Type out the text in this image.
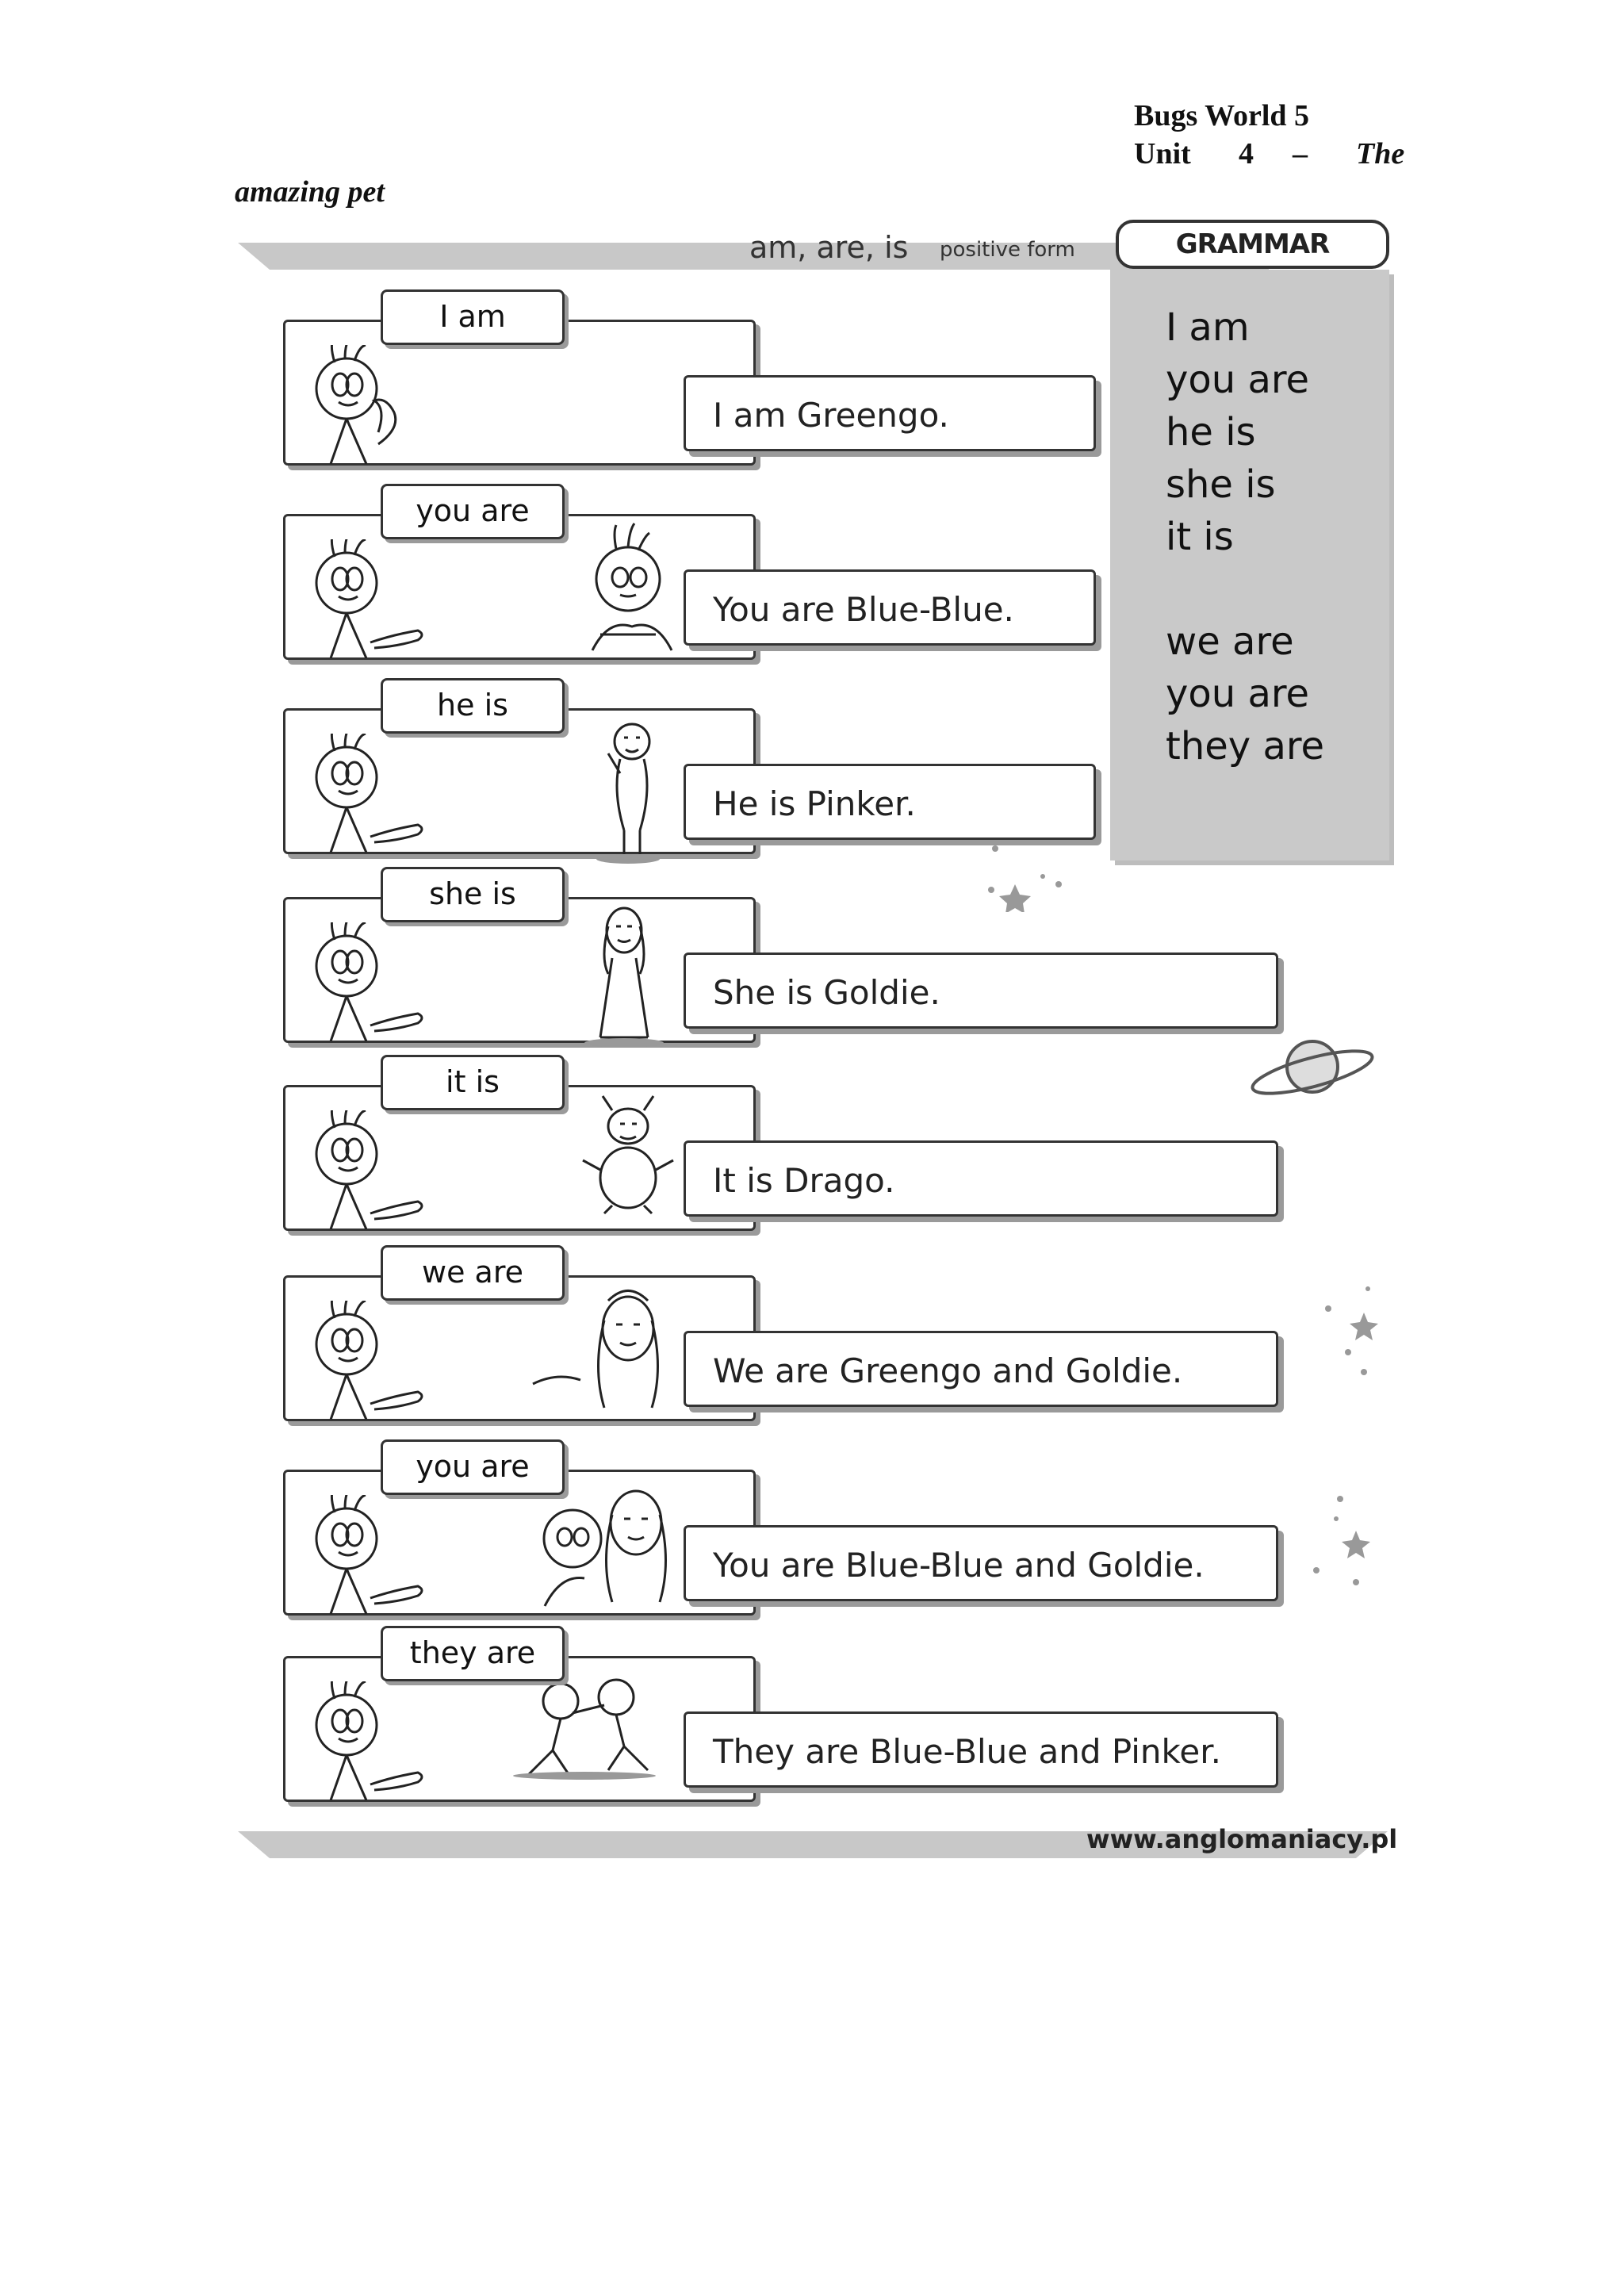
Bugs World 5
Unit 4 – The
amazing pet
am, are, is positive form	GRAMMAR
I am
you are
he is
she is
it is
we are
you are
they are
I am
I am Greengo.
you are
You are Blue-Blue.
he is
He is Pinker.
she is
She is Goldie.
it is
It is Drago.
we are
We are Greengo and Goldie.
you are
You are Blue-Blue and Goldie.
they are
They are Blue-Blue and Pinker.
www.anglomaniacy.pl
